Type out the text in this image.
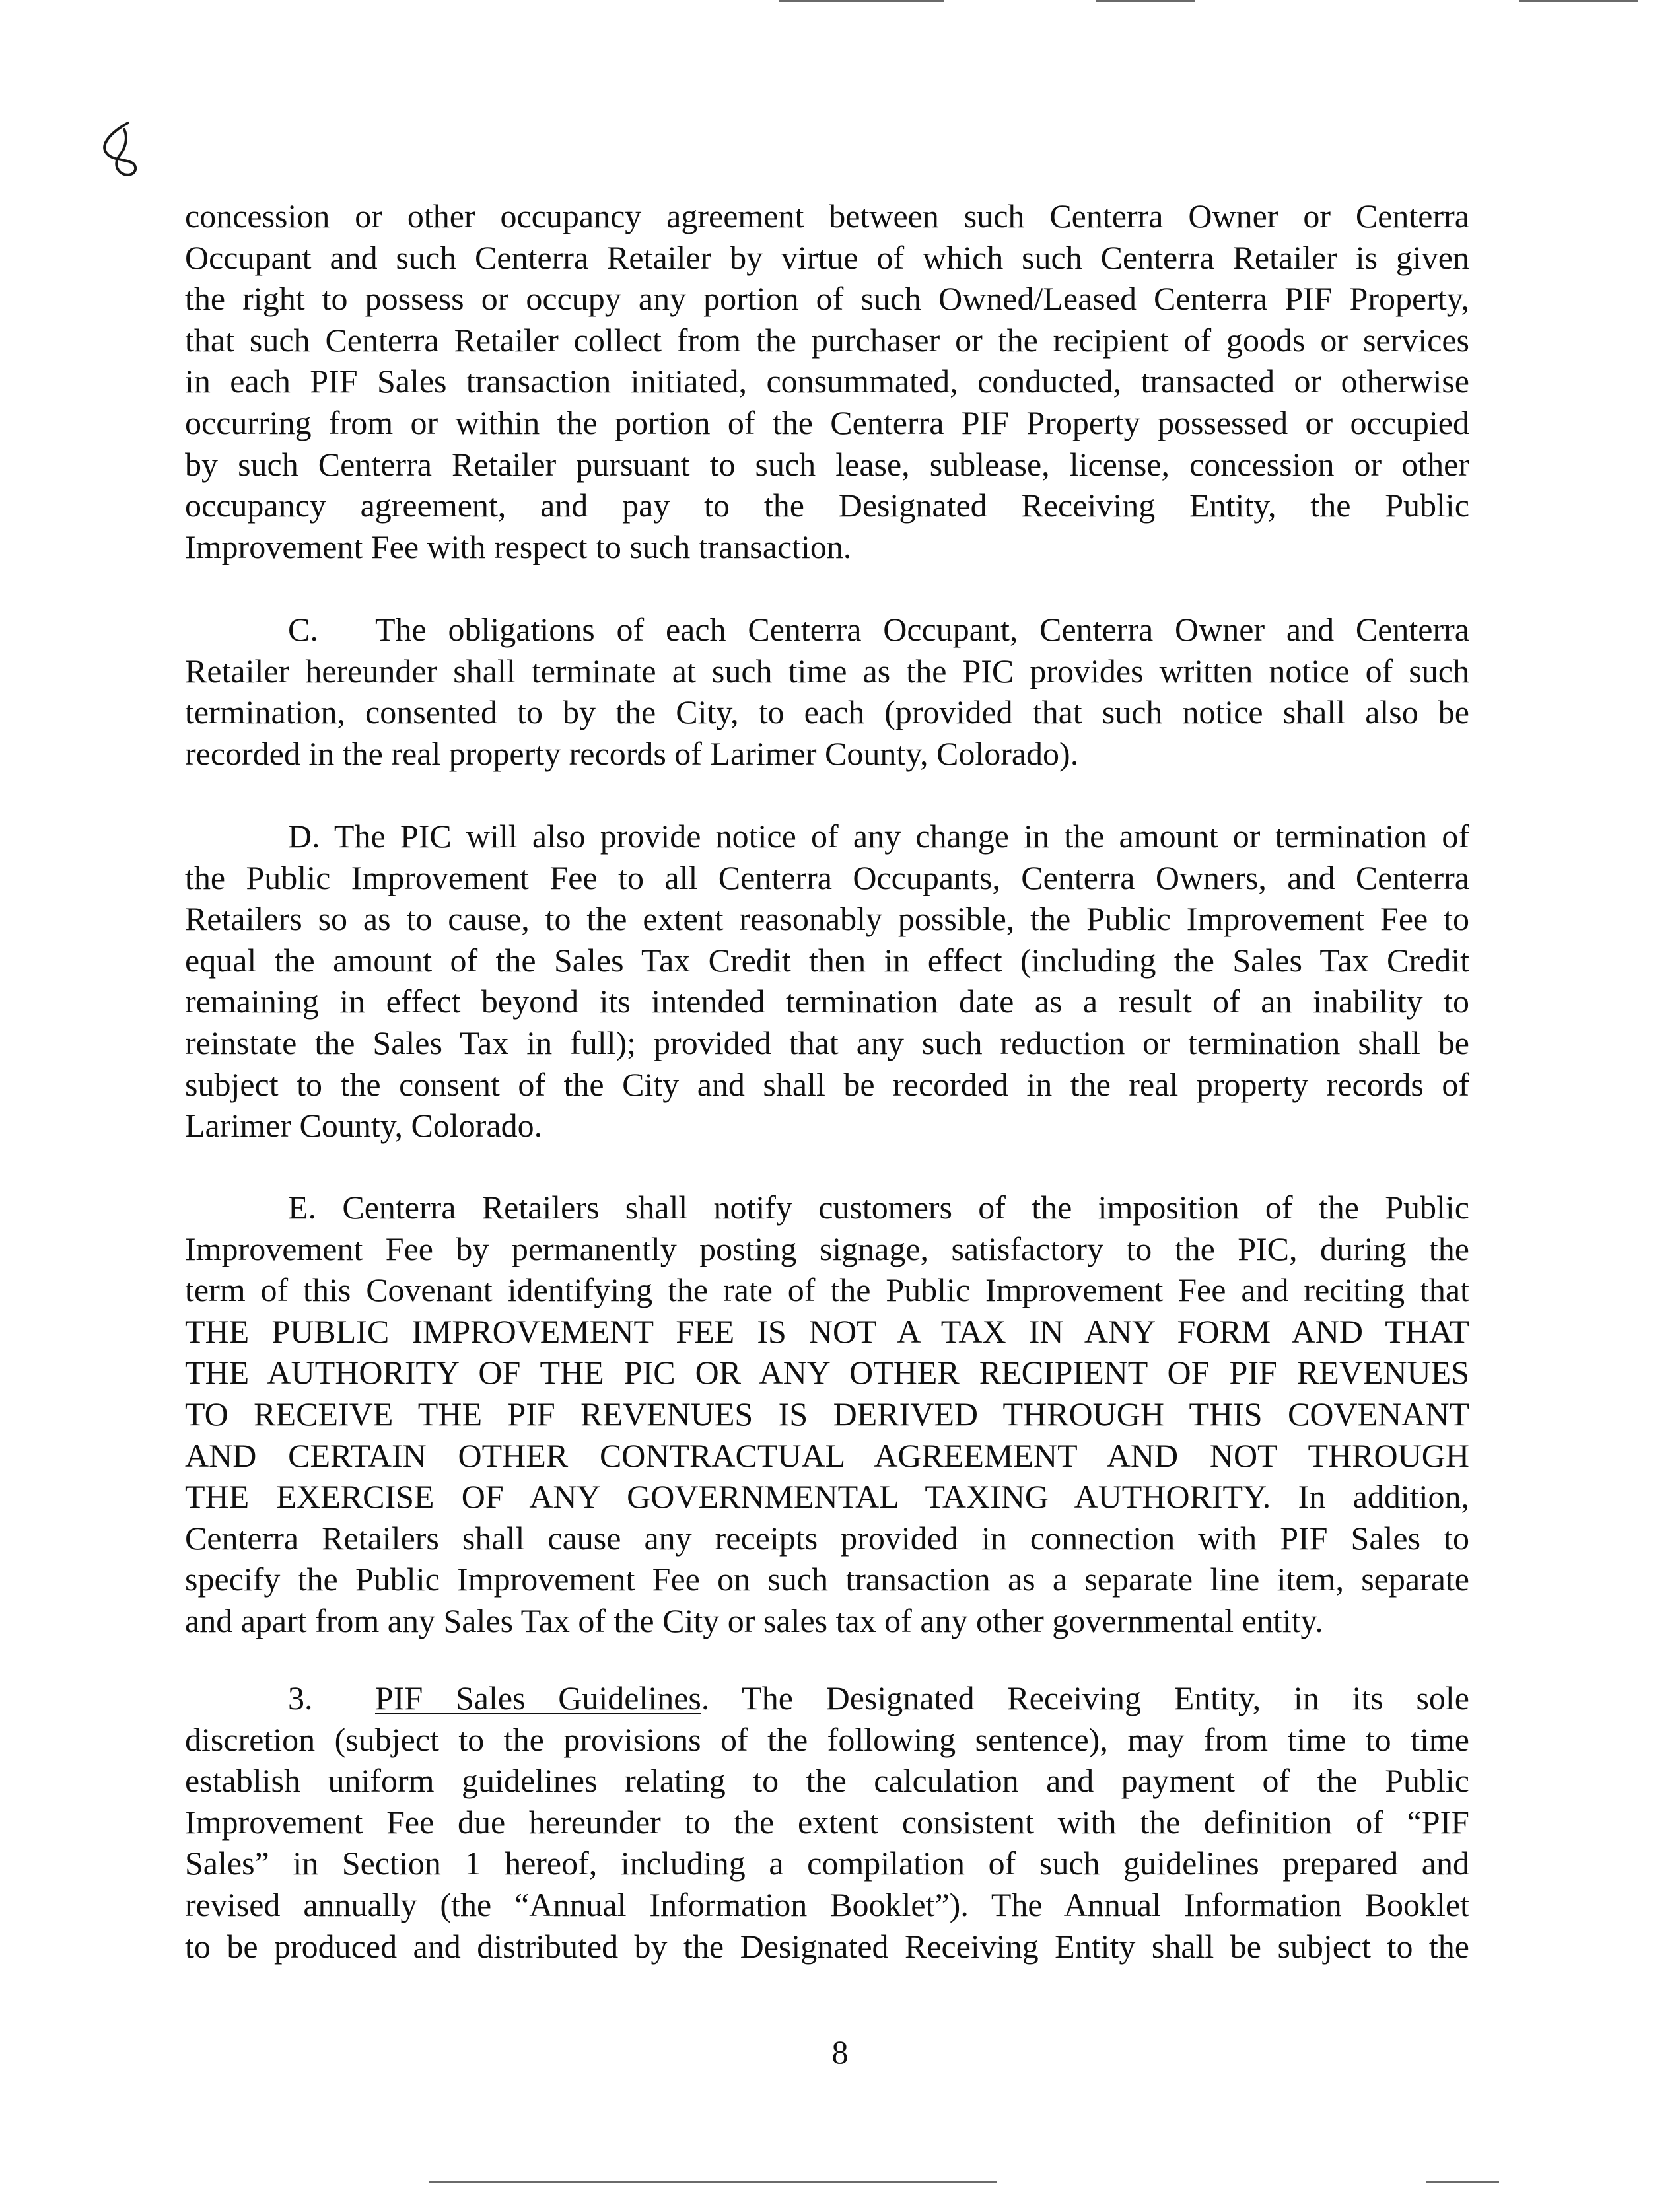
concession or other occupancy agreement between such Centerra Owner or Centerra
Occupant and such Centerra Retailer by virtue of which such Centerra Retailer is given
the right to possess or occupy any portion of such Owned/Leased Centerra PIF Property,
that such Centerra Retailer collect from the purchaser or the recipient of goods or services
in each PIF Sales transaction initiated, consummated, conducted, transacted or otherwise
occurring from or within the portion of the Centerra PIF Property possessed or occupied
by such Centerra Retailer pursuant to such lease, sublease, license, concession or other
occupancy agreement, and pay to the Designated Receiving Entity, the Public
Improvement Fee with respect to such transaction.
C. The obligations of each Centerra Occupant, Centerra Owner and Centerra
Retailer hereunder shall terminate at such time as the PIC provides written notice of such
termination, consented to by the City, to each (provided that such notice shall also be
recorded in the real property records of Larimer County, Colorado).
D. The PIC will also provide notice of any change in the amount or termination of
the Public Improvement Fee to all Centerra Occupants, Centerra Owners, and Centerra
Retailers so as to cause, to the extent reasonably possible, the Public Improvement Fee to
equal the amount of the Sales Tax Credit then in effect (including the Sales Tax Credit
remaining in effect beyond its intended termination date as a result of an inability to
reinstate the Sales Tax in full); provided that any such reduction or termination shall be
subject to the consent of the City and shall be recorded in the real property records of
Larimer County, Colorado.
E. Centerra Retailers shall notify customers of the imposition of the Public
Improvement Fee by permanently posting signage, satisfactory to the PIC, during the
term of this Covenant identifying the rate of the Public Improvement Fee and reciting that
THE PUBLIC IMPROVEMENT FEE IS NOT A TAX IN ANY FORM AND THAT
THE AUTHORITY OF THE PIC OR ANY OTHER RECIPIENT OF PIF REVENUES
TO RECEIVE THE PIF REVENUES IS DERIVED THROUGH THIS COVENANT
AND CERTAIN OTHER CONTRACTUAL AGREEMENT AND NOT THROUGH
THE EXERCISE OF ANY GOVERNMENTAL TAXING AUTHORITY. In addition,
Centerra Retailers shall cause any receipts provided in connection with PIF Sales to
specify the Public Improvement Fee on such transaction as a separate line item, separate
and apart from any Sales Tax of the City or sales tax of any other governmental entity.
3. PIF Sales Guidelines. The Designated Receiving Entity, in its sole
discretion (subject to the provisions of the following sentence), may from time to time
establish uniform guidelines relating to the calculation and payment of the Public
Improvement Fee due hereunder to the extent consistent with the definition of “PIF
Sales” in Section 1 hereof, including a compilation of such guidelines prepared and
revised annually (the “Annual Information Booklet”). The Annual Information Booklet
to be produced and distributed by the Designated Receiving Entity shall be subject to the
8
